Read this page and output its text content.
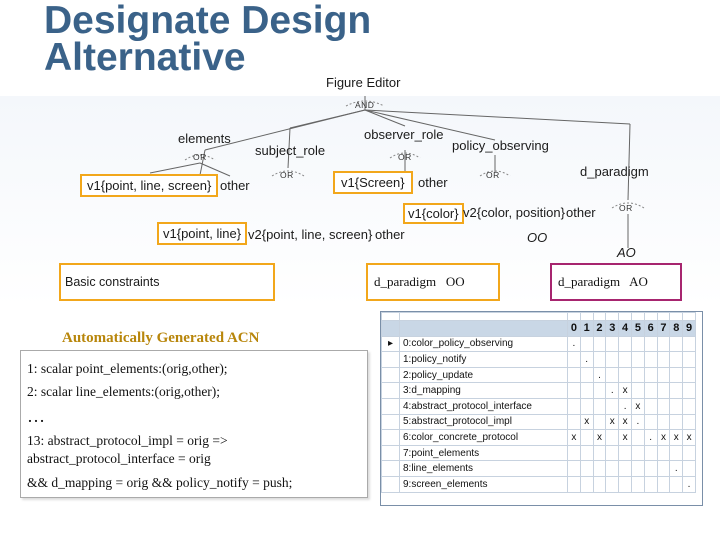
Designate Design Alternative
Figure Editor
AND
elements
OR	subject_role
OR
observer_role
OR
policy_observing
OR	d_paradigm
OR
v1{point, line, screen} other	v1{Screen}	other
v1{color} v2{color, position} other
v1{point, line} v2{point, line, screen} other	OO
AO
Basic constraints	d_paradigm   OO	d_paradigm   AO
Automatically Generated ACN
1: scalar point_elements:(orig,other);
2: scalar line_elements:(orig,other);
…
13: abstract_protocol_impl = orig =>
abstract_protocol_interface = orig
&& d_mapping = orig && policy_notify = push;

		0	1	2	3	4	5	6	7	8	9
▸	0:color_policy_observing	.									
	1:policy_notify		.								
	2:policy_update			.							
	3:d_mapping				.	x					
	4:abstract_protocol_interface					.	x				
	5:abstract_protocol_impl		x		x	x	.				
	6:color_concrete_protocol	x		x		x		.	x	x	x
	7:point_elements										
	8:line_elements									.	
	9:screen_elements										.
